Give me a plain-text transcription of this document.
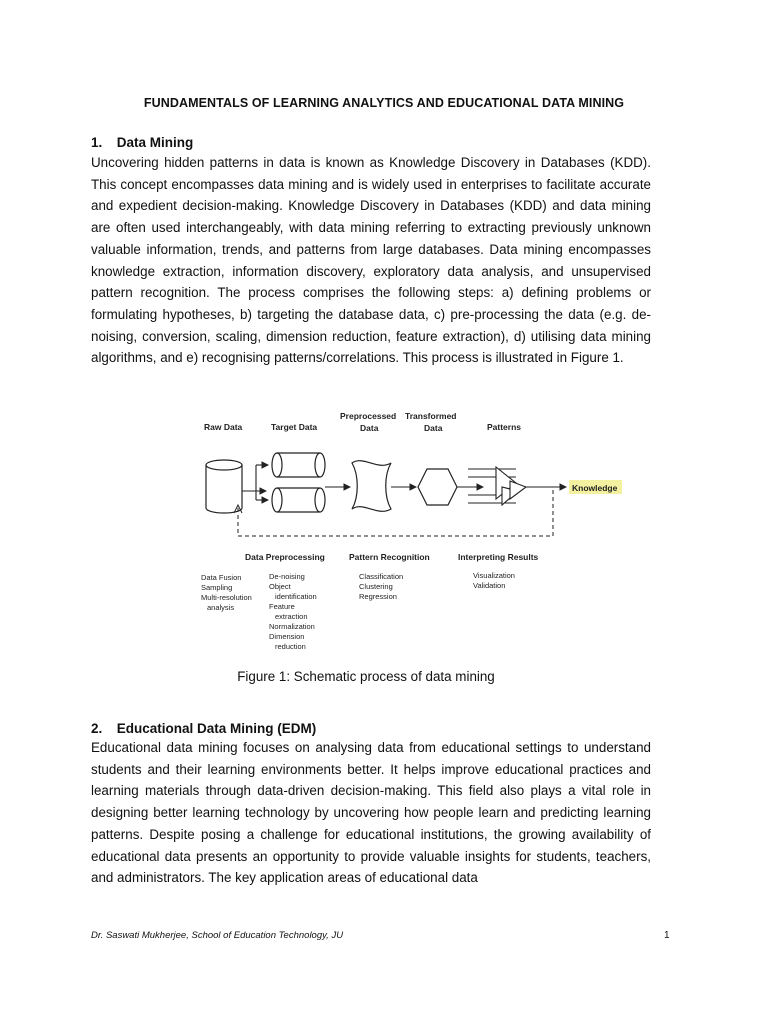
FUNDAMENTALS OF LEARNING ANALYTICS AND EDUCATIONAL DATA MINING
1. Data Mining
Uncovering hidden patterns in data is known as Knowledge Discovery in Databases (KDD). This concept encompasses data mining and is widely used in enterprises to facilitate accurate and expedient decision-making. Knowledge Discovery in Databases (KDD) and data mining are often used interchangeably, with data mining referring to extracting previously unknown valuable information, trends, and patterns from large databases. Data mining encompasses knowledge extraction, information discovery, exploratory data analysis, and unsupervised pattern recognition. The process comprises the following steps: a) defining problems or formulating hypotheses, b) targeting the database data, c) pre-processing the data (e.g. de-noising, conversion, scaling, dimension reduction, feature extraction), d) utilising data mining algorithms, and e) recognising patterns/correlations. This process is illustrated in Figure 1.
Raw Data	Target Data
Preprocessed
Data
Transformed
Data	Patterns
Knowledge
Data Preprocessing	Pattern Recognition	Interpreting Results
Data Fusion
Sampling
Multi-resolution
analysis
De-noising
Object
identification
Feature
extraction
Normalization
Dimension
reduction
Classification
Clustering
Regression
Visualization
Validation
Figure 1: Schematic process of data mining
2. Educational Data Mining (EDM)
Educational data mining focuses on analysing data from educational settings to understand students and their learning environments better. It helps improve educational practices and learning materials through data-driven decision-making. This field also plays a vital role in designing better learning technology by uncovering how people learn and predicting learning patterns. Despite posing a challenge for educational institutions, the growing availability of educational data presents an opportunity to provide valuable insights for students, teachers, and administrators. The key application areas of educational data
Dr. Saswati Mukherjee, School of Education Technology, JU	1
